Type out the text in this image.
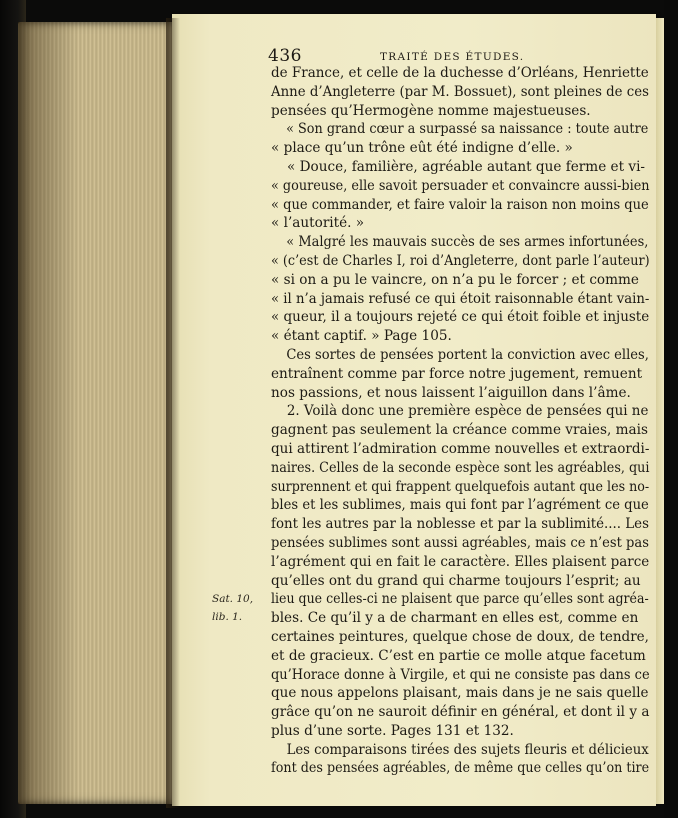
436	TRAITÉ DES ÉTUDES.
Sat. 10,
lib. 1.
de France, et celle de la duchesse d’Orléans, Henriette
Anne d’Angleterre (par M. Bossuet), sont pleines de ces
pensées qu’Hermogène nomme majestueuses.
« Son grand cœur a surpassé sa naissance : toute autre
« place qu’un trône eût été indigne d’elle. »
« Douce, familière, agréable autant que ferme et vi-
« goureuse, elle savoit persuader et convaincre aussi-bien
« que commander, et faire valoir la raison non moins que
« l’autorité. »
« Malgré les mauvais succès de ses armes infortunées,
« (c’est de Charles I, roi d’Angleterre, dont parle l’auteur)
« si on a pu le vaincre, on n’a pu le forcer ; et comme
« il n’a jamais refusé ce qui étoit raisonnable étant vain-
« queur, il a toujours rejeté ce qui étoit foible et injuste
« étant captif. » Page 105.
Ces sortes de pensées portent la conviction avec elles,
entraînent comme par force notre jugement, remuent
nos passions, et nous laissent l’aiguillon dans l’âme.
2. Voilà donc une première espèce de pensées qui ne
gagnent pas seulement la créance comme vraies, mais
qui attirent l’admiration comme nouvelles et extraordi-
naires. Celles de la seconde espèce sont les agréables, qui
surprennent et qui frappent quelquefois autant que les no-
bles et les sublimes, mais qui font par l’agrément ce que
font les autres par la noblesse et par la sublimité.... Les
pensées sublimes sont aussi agréables, mais ce n’est pas
l’agrément qui en fait le caractère. Elles plaisent parce
qu’elles ont du grand qui charme toujours l’esprit; au
lieu que celles-ci ne plaisent que parce qu’elles sont agréa-
bles. Ce qu’il y a de charmant en elles est, comme en
certaines peintures, quelque chose de doux, de tendre,
et de gracieux. C’est en partie ce molle atque facetum
qu’Horace donne à Virgile, et qui ne consiste pas dans ce
que nous appelons plaisant, mais dans je ne sais quelle
grâce qu’on ne sauroit définir en général, et dont il y a
plus d’une sorte. Pages 131 et 132.
Les comparaisons tirées des sujets fleuris et délicieux
font des pensées agréables, de même que celles qu’on tire
